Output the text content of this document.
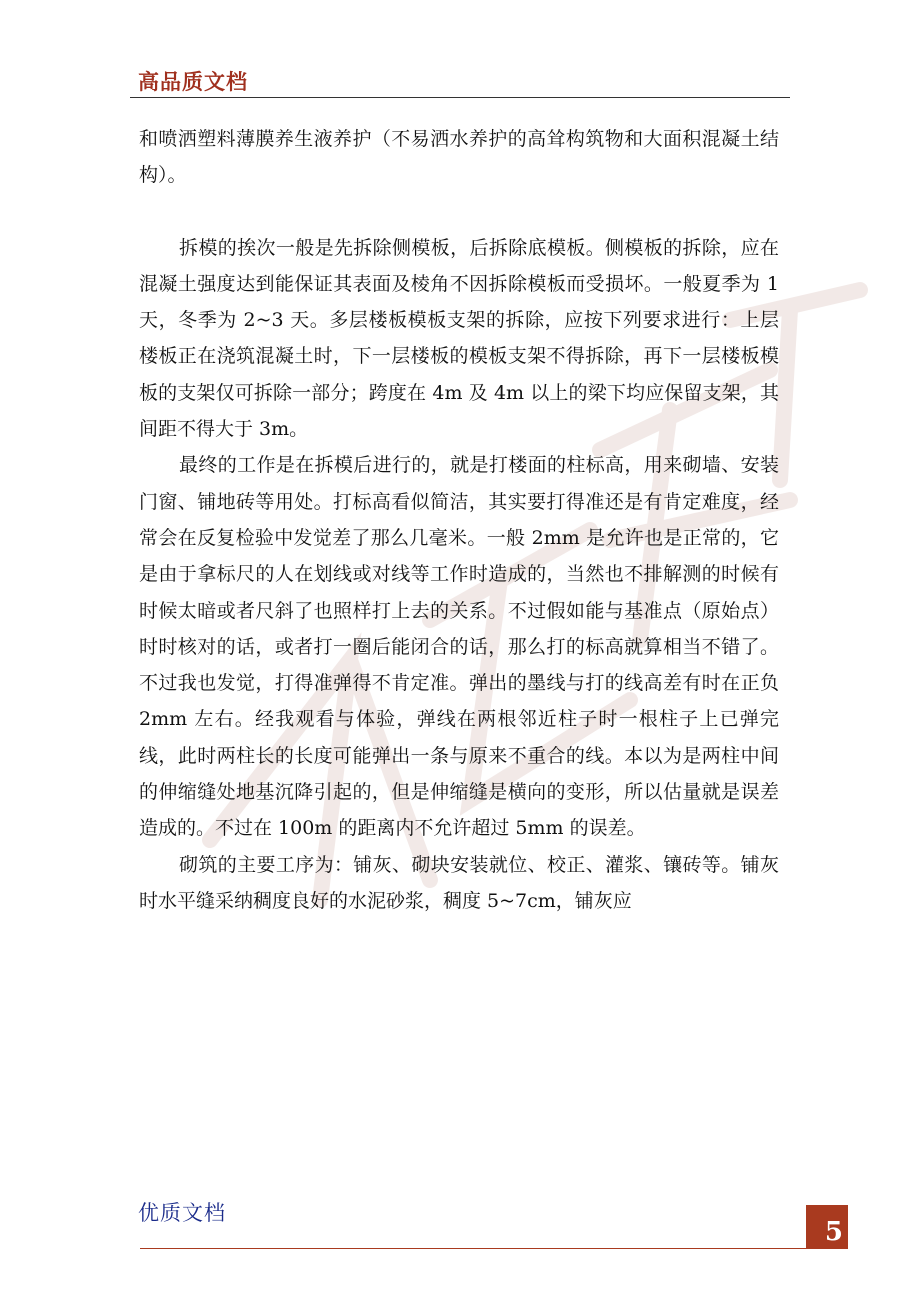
高品质文档

和喷洒塑料薄膜养生液养护（不易洒水养护的高耸构筑物和大面积混凝土结构）。

拆模的挨次一般是先拆除侧模板，后拆除底模板。侧模板的拆除，应在混凝土强度达到能保证其表面及棱角不因拆除模板而受损坏。一般夏季为 1 天，冬季为 2~3 天。多层楼板模板支架的拆除，应按下列要求进行：上层楼板正在浇筑混凝土时，下一层楼板的模板支架不得拆除，再下一层楼板模板的支架仅可拆除一部分；跨度在 4m 及 4m 以上的梁下均应保留支架，其间距不得大于 3m。

最终的工作是在拆模后进行的，就是打楼面的柱标高，用来砌墙、安装门窗、铺地砖等用处。打标高看似简洁，其实要打得准还是有肯定难度，经常会在反复检验中发觉差了那么几毫米。一般 2mm 是允许也是正常的，它是由于拿标尺的人在划线或对线等工作时造成的，当然也不排解测的时候有时候太暗或者尺斜了也照样打上去的关系。不过假如能与基准点（原始点）时时核对的话，或者打一圈后能闭合的话，那么打的标高就算相当不错了。不过我也发觉，打得准弹得不肯定准。弹出的墨线与打的线高差有时在正负 2mm 左右。经我观看与体验，弹线在两根邻近柱子时一根柱子上已弹完线，此时两柱长的长度可能弹出一条与原来不重合的线。本以为是两柱中间的伸缩缝处地基沉降引起的，但是伸缩缝是横向的变形，所以估量就是误差造成的。不过在 100m 的距离内不允许超过 5mm 的误差。

砌筑的主要工序为：铺灰、砌块安装就位、校正、灌浆、镶砖等。铺灰时水平缝采纳稠度良好的水泥砂浆，稠度 5~7cm，铺灰应

优质文档
5
